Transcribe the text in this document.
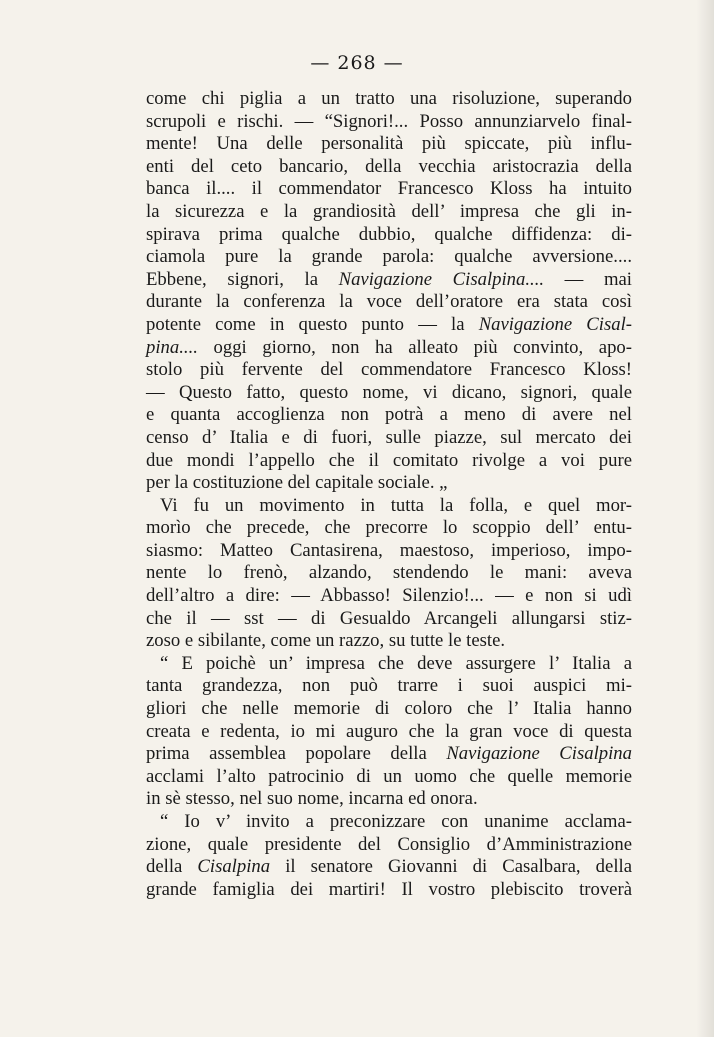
— 268 —
come chi piglia a un tratto una risoluzione, superando
scrupoli e rischi. — “Signori!... Posso annunziarvelo final-
mente! Una delle personalità più spiccate, più influ-
enti del ceto bancario, della vecchia aristocrazia della
banca il.... il commendator Francesco Kloss ha intuito
la sicurezza e la grandiosità dell’ impresa che gli in-
spirava prima qualche dubbio, qualche diffidenza: di-
ciamola pure la grande parola: qualche avversione....
Ebbene, signori, la Navigazione Cisalpina.... — mai
durante la conferenza la voce dell’oratore era stata così
potente come in questo punto — la Navigazione Cisal-
pina.... oggi giorno, non ha alleato più convinto, apo-
stolo più fervente del commendatore Francesco Kloss!
— Questo fatto, questo nome, vi dicano, signori, quale
e quanta accoglienza non potrà a meno di avere nel
censo d’ Italia e di fuori, sulle piazze, sul mercato dei
due mondi l’appello che il comitato rivolge a voi pure
per la costituzione del capitale sociale. „
Vi fu un movimento in tutta la folla, e quel mor-
morìo che precede, che precorre lo scoppio dell’ entu-
siasmo: Matteo Cantasirena, maestoso, imperioso, impo-
nente lo frenò, alzando, stendendo le mani: aveva
dell’altro a dire: — Abbasso! Silenzio!... — e non si udì
che il — sst — di Gesualdo Arcangeli allungarsi stiz-
zoso e sibilante, come un razzo, su tutte le teste.
“ E poichè un’ impresa che deve assurgere l’ Italia a
tanta grandezza, non può trarre i suoi auspici mi-
gliori che nelle memorie di coloro che l’ Italia hanno
creata e redenta, io mi auguro che la gran voce di questa
prima assemblea popolare della Navigazione Cisalpina
acclami l’alto patrocinio di un uomo che quelle memorie
in sè stesso, nel suo nome, incarna ed onora.
“ Io v’ invito a preconizzare con unanime acclama-
zione, quale presidente del Consiglio d’Amministrazione
della Cisalpina il senatore Giovanni di Casalbara, della
grande famiglia dei martiri! Il vostro plebiscito troverà
